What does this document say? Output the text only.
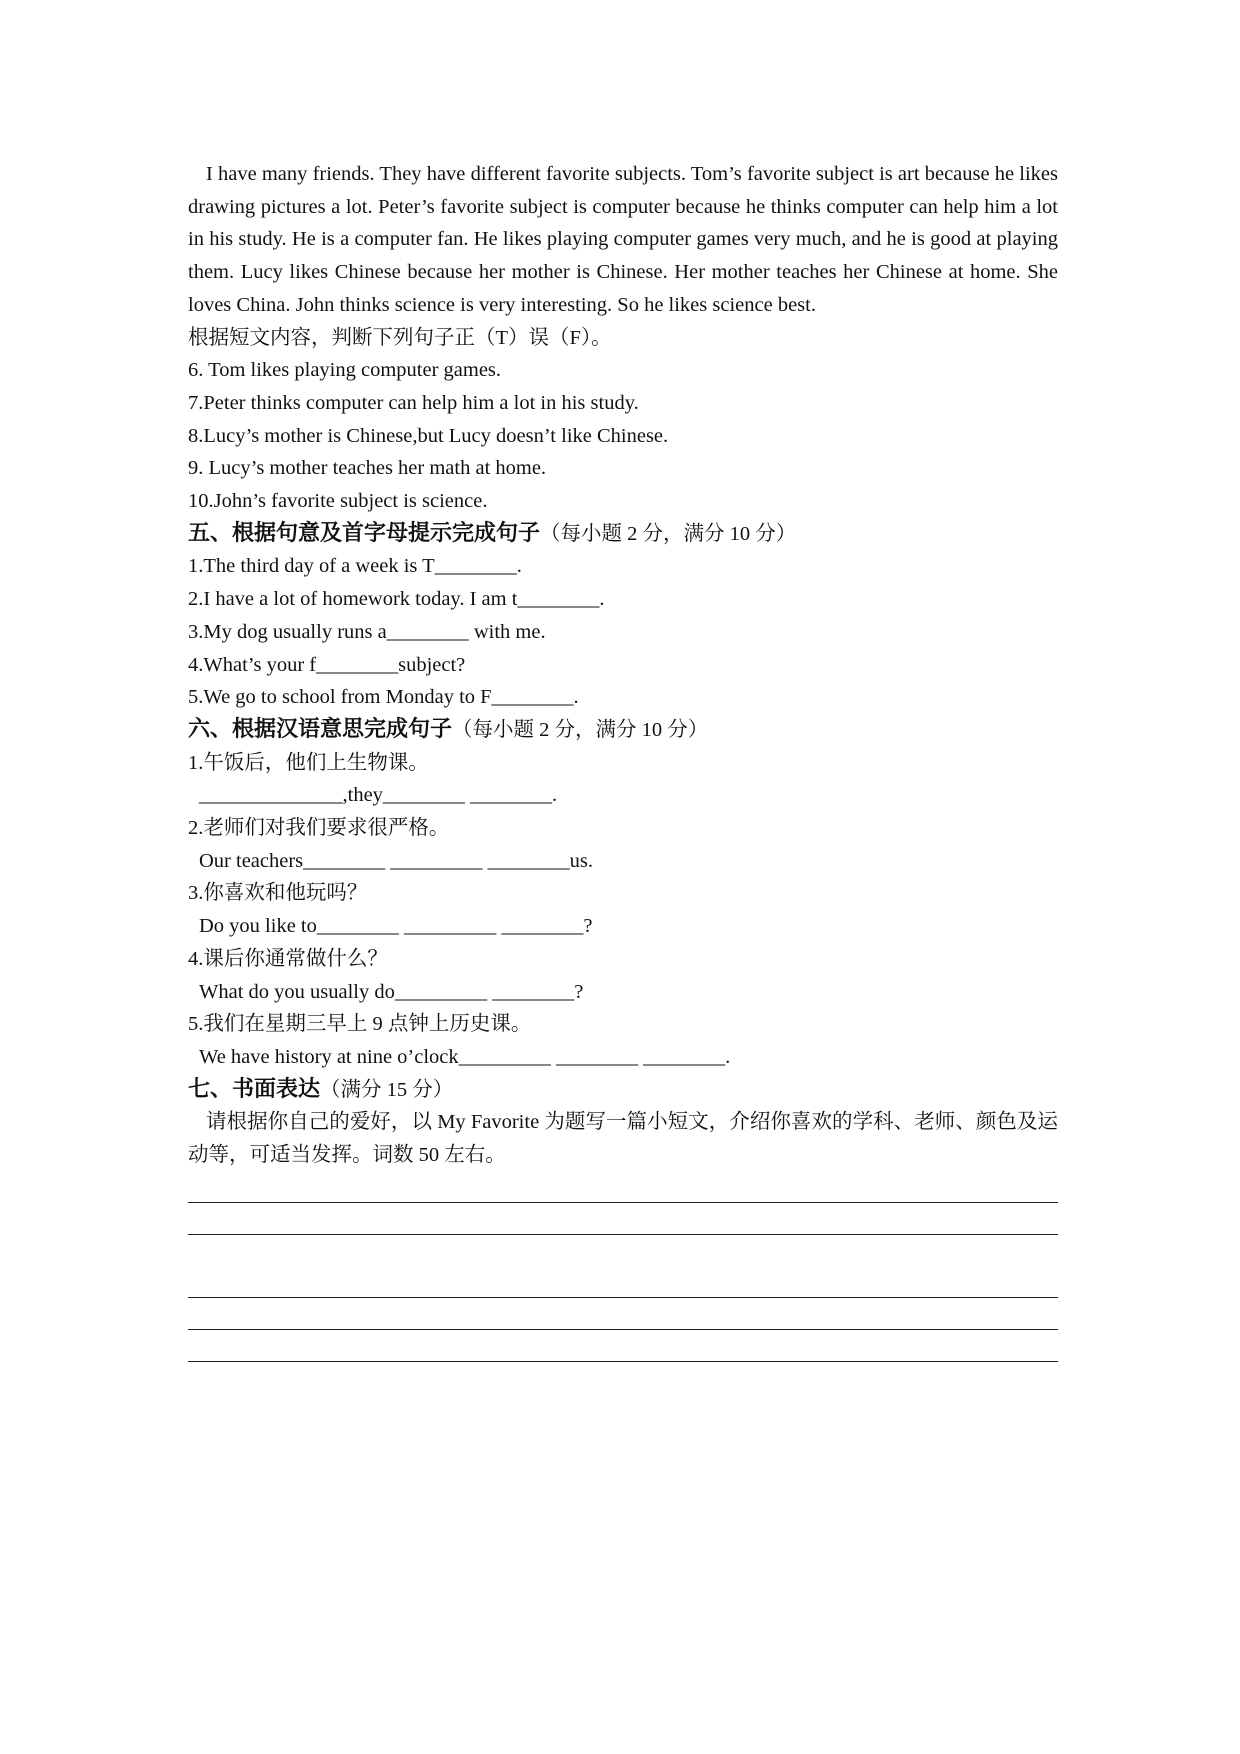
I have many friends. They have different favorite subjects. Tom’s favorite subject is art because he likes drawing pictures a lot. Peter’s favorite subject is computer because he thinks computer can help him a lot in his study. He is a computer fan. He likes playing computer games very much, and he is good at playing them. Lucy likes Chinese because her mother is Chinese. Her mother teaches her Chinese at home. She loves China. John thinks science is very interesting. So he likes science best.
根据短文内容，判断下列句子正（T）误（F）。
6. Tom likes playing computer games.
7.Peter thinks computer can help him a lot in his study.
8.Lucy’s mother is Chinese,but Lucy doesn’t like Chinese.
9. Lucy’s mother teaches her math at home.
10.John’s favorite subject is science.
五、根据句意及首字母提示完成句子（每小题 2 分，满分 10 分）
1.The third day of a week is T________.
2.I have a lot of homework today. I am t________.
3.My dog usually runs a________ with me.
4.What’s your f________subject?
5.We go to school from Monday to F________.
六、根据汉语意思完成句子（每小题 2 分，满分 10 分）
1.午饭后，他们上生物课。
______________,they________ ________.
2.老师们对我们要求很严格。
Our teachers________ _________ ________us.
3.你喜欢和他玩吗？
Do you like to________ _________ ________?
4.课后你通常做什么？
What do you usually do_________ ________?
5.我们在星期三早上 9 点钟上历史课。
We have history at nine o’clock_________ ________ ________.
七、书面表达（满分 15 分）
请根据你自己的爱好，以 My Favorite 为题写一篇小短文，介绍你喜欢的学科、老师、颜色及运动等，可适当发挥。词数 50 左右。
